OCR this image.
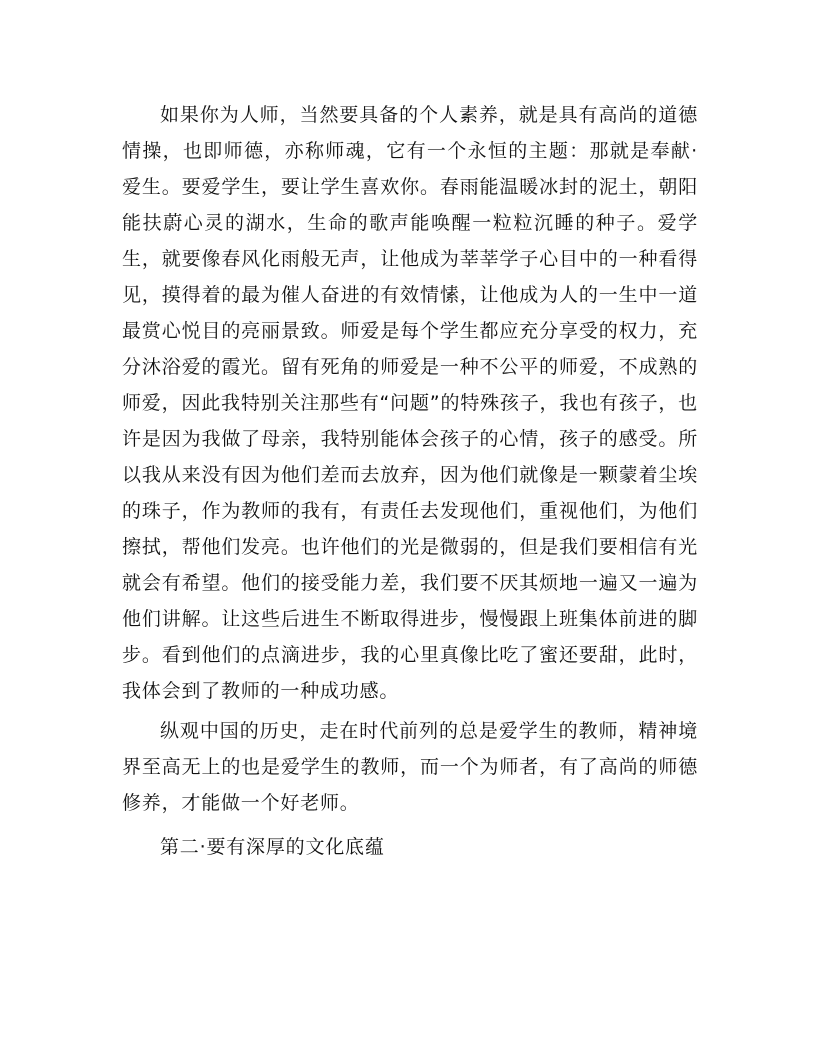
如果你为人师，当然要具备的个人素养，就是具有高尚的道德情操，也即师德，亦称师魂，它有一个永恒的主题：那就是奉献·爱生。要爱学生，要让学生喜欢你。春雨能温暖冰封的泥土，朝阳能扶蔚心灵的湖水，生命的歌声能唤醒一粒粒沉睡的种子。爱学生，就要像春风化雨般无声，让他成为莘莘学子心目中的一种看得见，摸得着的最为催人奋进的有效情愫，让他成为人的一生中一道最赏心悦目的亮丽景致。师爱是每个学生都应充分享受的权力，充分沐浴爱的霞光。留有死角的师爱是一种不公平的师爱，不成熟的师爱，因此我特别关注那些有“问题”的特殊孩子，我也有孩子，也许是因为我做了母亲，我特别能体会孩子的心情，孩子的感受。所以我从来没有因为他们差而去放弃，因为他们就像是一颗蒙着尘埃的珠子，作为教师的我有，有责任去发现他们，重视他们，为他们擦拭，帮他们发亮。也许他们的光是微弱的，但是我们要相信有光就会有希望。他们的接受能力差，我们要不厌其烦地一遍又一遍为他们讲解。让这些后进生不断取得进步，慢慢跟上班集体前进的脚步。看到他们的点滴进步，我的心里真像比吃了蜜还要甜，此时，我体会到了教师的一种成功感。

纵观中国的历史，走在时代前列的总是爱学生的教师，精神境界至高无上的也是爱学生的教师，而一个为师者，有了高尚的师德修养，才能做一个好老师。

第二·要有深厚的文化底蕴
